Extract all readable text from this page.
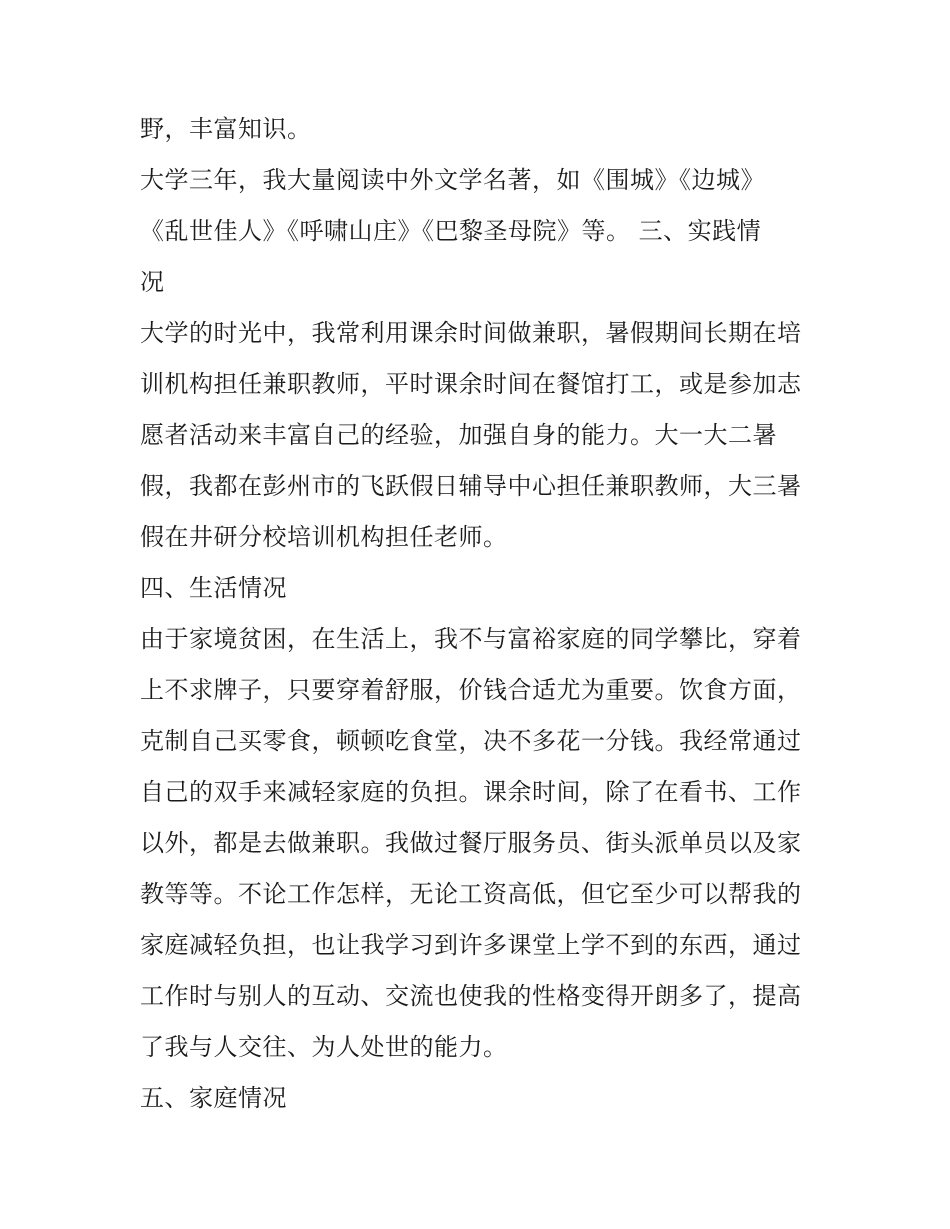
野，丰富知识。
大学三年，我大量阅读中外文学名著，如《围城》《边城》
《乱世佳人》《呼啸山庄》《巴黎圣母院》等。 三、实践情
况
大学的时光中，我常利用课余时间做兼职，暑假期间长期在培
训机构担任兼职教师，平时课余时间在餐馆打工，或是参加志
愿者活动来丰富自己的经验，加强自身的能力。大一大二暑
假，我都在彭州市的飞跃假日辅导中心担任兼职教师，大三暑
假在井研分校培训机构担任老师。
四、生活情况
由于家境贫困，在生活上，我不与富裕家庭的同学攀比，穿着
上不求牌子，只要穿着舒服，价钱合适尤为重要。饮食方面，
克制自己买零食，顿顿吃食堂，决不多花一分钱。我经常通过
自己的双手来减轻家庭的负担。课余时间，除了在看书、工作
以外，都是去做兼职。我做过餐厅服务员、街头派单员以及家
教等等。不论工作怎样，无论工资高低，但它至少可以帮我的
家庭减轻负担，也让我学习到许多课堂上学不到的东西，通过
工作时与别人的互动、交流也使我的性格变得开朗多了，提高
了我与人交往、为人处世的能力。
五、家庭情况
